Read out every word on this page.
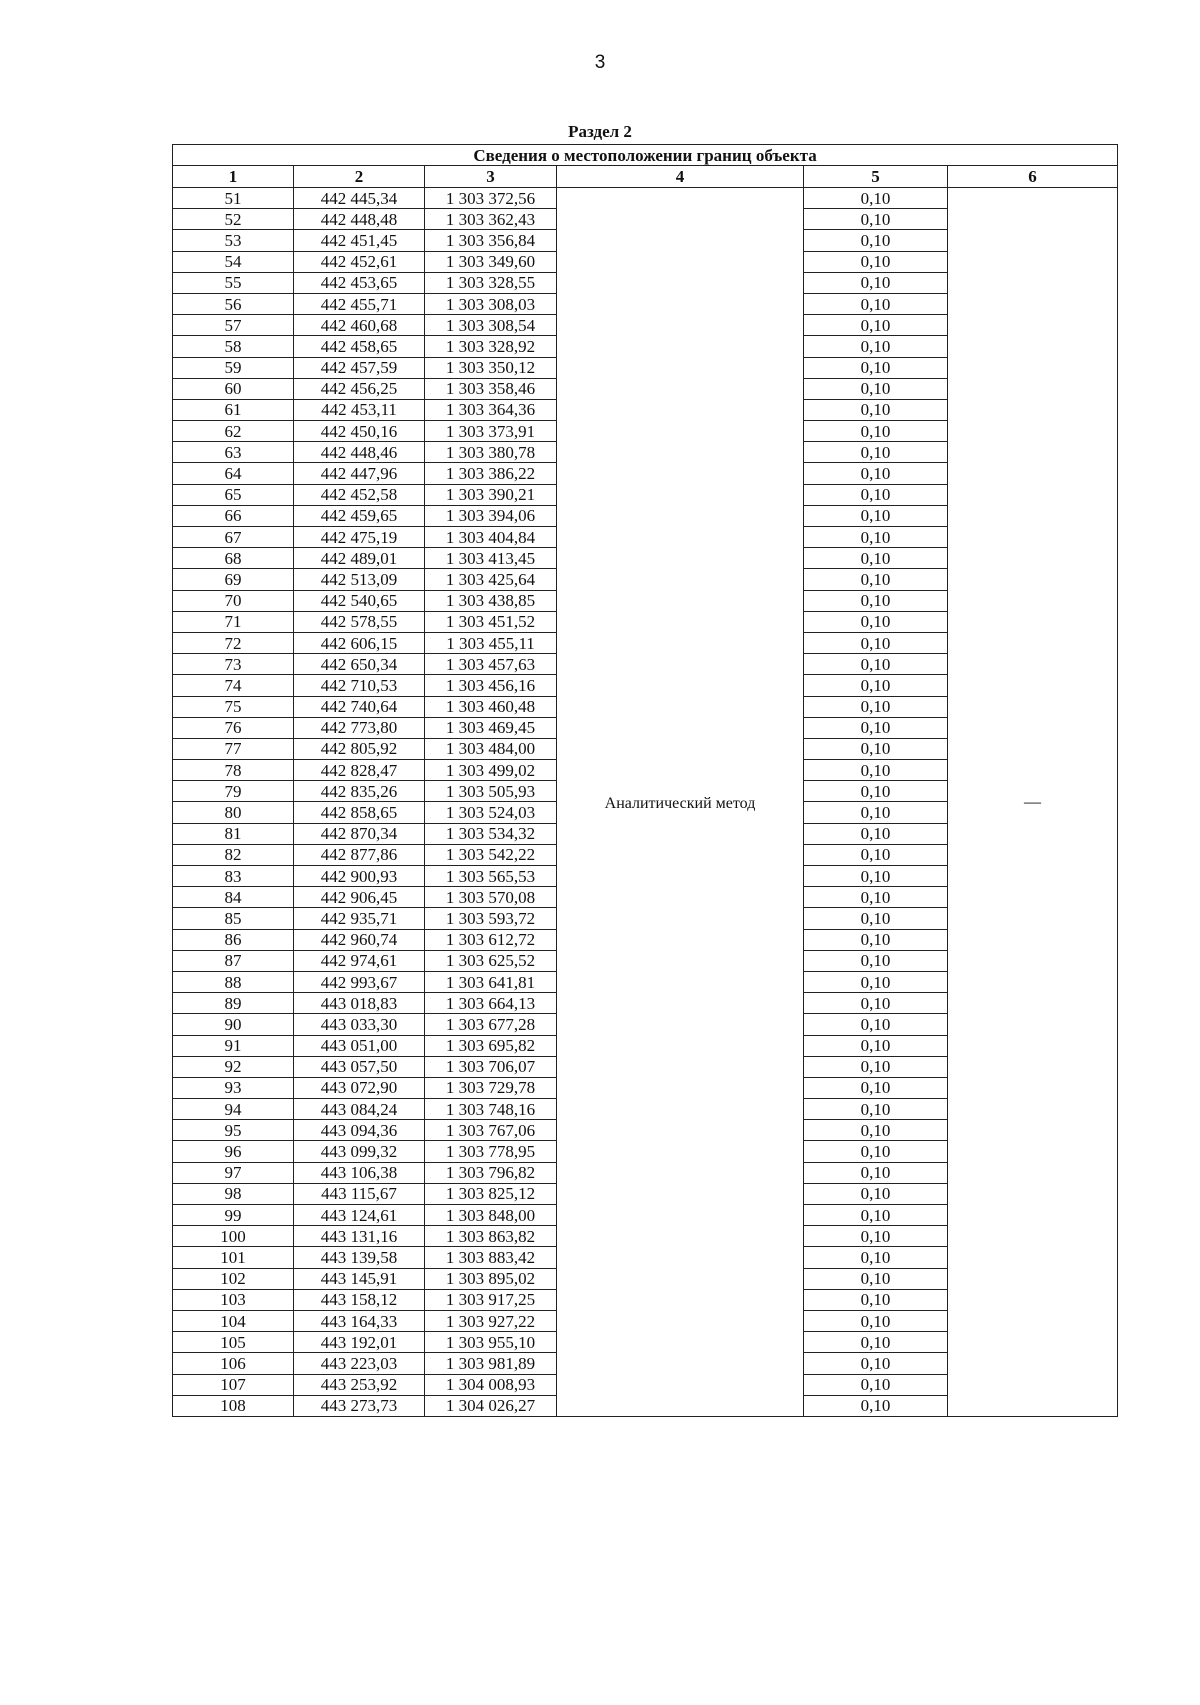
3
Раздел 2
Сведения о местоположении границ объекта					
1	2	3	4	5	6
51	442 445,34	1 303 372,56	Аналитический метод	0,10	—
52	442 448,48	1 303 362,43		0,10	
53	442 451,45	1 303 356,84		0,10	
54	442 452,61	1 303 349,60		0,10	
55	442 453,65	1 303 328,55		0,10	
56	442 455,71	1 303 308,03		0,10	
57	442 460,68	1 303 308,54		0,10	
58	442 458,65	1 303 328,92		0,10	
59	442 457,59	1 303 350,12		0,10	
60	442 456,25	1 303 358,46		0,10	
61	442 453,11	1 303 364,36		0,10	
62	442 450,16	1 303 373,91		0,10	
63	442 448,46	1 303 380,78		0,10	
64	442 447,96	1 303 386,22		0,10	
65	442 452,58	1 303 390,21		0,10	
66	442 459,65	1 303 394,06		0,10	
67	442 475,19	1 303 404,84		0,10	
68	442 489,01	1 303 413,45		0,10	
69	442 513,09	1 303 425,64		0,10	
70	442 540,65	1 303 438,85		0,10	
71	442 578,55	1 303 451,52		0,10	
72	442 606,15	1 303 455,11		0,10	
73	442 650,34	1 303 457,63		0,10	
74	442 710,53	1 303 456,16		0,10	
75	442 740,64	1 303 460,48		0,10	
76	442 773,80	1 303 469,45		0,10	
77	442 805,92	1 303 484,00		0,10	
78	442 828,47	1 303 499,02		0,10	
79	442 835,26	1 303 505,93		0,10	
80	442 858,65	1 303 524,03		0,10	
81	442 870,34	1 303 534,32		0,10	
82	442 877,86	1 303 542,22		0,10	
83	442 900,93	1 303 565,53		0,10	
84	442 906,45	1 303 570,08		0,10	
85	442 935,71	1 303 593,72		0,10	
86	442 960,74	1 303 612,72		0,10	
87	442 974,61	1 303 625,52		0,10	
88	442 993,67	1 303 641,81		0,10	
89	443 018,83	1 303 664,13		0,10	
90	443 033,30	1 303 677,28		0,10	
91	443 051,00	1 303 695,82		0,10	
92	443 057,50	1 303 706,07		0,10	
93	443 072,90	1 303 729,78		0,10	
94	443 084,24	1 303 748,16		0,10	
95	443 094,36	1 303 767,06		0,10	
96	443 099,32	1 303 778,95		0,10	
97	443 106,38	1 303 796,82		0,10	
98	443 115,67	1 303 825,12		0,10	
99	443 124,61	1 303 848,00		0,10	
100	443 131,16	1 303 863,82		0,10	
101	443 139,58	1 303 883,42		0,10	
102	443 145,91	1 303 895,02		0,10	
103	443 158,12	1 303 917,25		0,10	
104	443 164,33	1 303 927,22		0,10	
105	443 192,01	1 303 955,10		0,10	
106	443 223,03	1 303 981,89		0,10	
107	443 253,92	1 304 008,93		0,10	
108	443 273,73	1 304 026,27		0,10	
